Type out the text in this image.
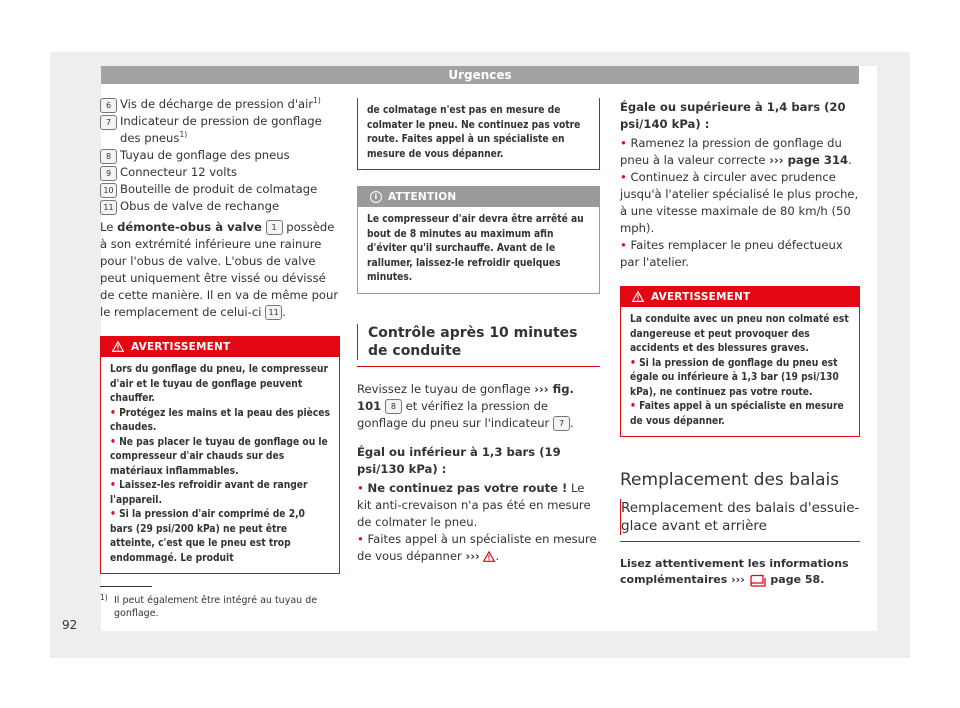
Urgences

6 Vis de décharge de pression d'air$^{1)}$

7 Indicateur de pression de gonflage des pneus$^{1)}$

8 Tuyau de gonflage des pneus

9 Connecteur 12 volts

10 Bouteille de produit de colmatage

11 Obus de valve de rechange

Le démonte-obus à valve 1 possède à son extrémité inférieure une rainure pour l'obus de valve. L'obus de valve peut uniquement être vissé ou dévissé de cette manière. Il en va de même pour le remplacement de celui-ci 11 .

AVERTISSEMENT

Lors du gonflage du pneu, le compresseur d'air et le tuyau de gonflage peuvent chauffer.

• Protégez les mains et la peau des pièces chaudes.

• Ne pas placer le tuyau de gonflage ou le compresseur d'air chauds sur des matériaux inflammables.

• Laissez-les refroidir avant de ranger l'appareil.

• Si la pression d'air comprimé de 2,0 bars (29 psi/200 kPa) ne peut être atteinte, c'est que le pneu est trop endommagé. Le produit

de colmatage n'est pas en mesure de colmater le pneu. Ne continuez pas votre route. Faites appel à un spécialiste en mesure de vous dépanner.
i	ATTENTION
Le compresseur d'air devra être arrêté au bout de 8 minutes au maximum afin d'éviter qu'il surchauffe. Avant de le rallumer, laissez-le refroidir quelques minutes.

Contrôle après 10 minutes de conduite

Revissez le tuyau de gonflage ››› fig. 101 8 et vérifiez la pression de gonflage du pneu sur l'indicateur 7 .

Égal ou inférieur à 1,3 bars (19 psi/130 kPa) :

• Ne continuez pas votre route ! Le kit anti-crevaison n'a pas été en mesure de colmater le pneu.

• Faites appel à un spécialiste en mesure de vous dépanner ››› .

Égale ou supérieure à 1,4 bars (20 psi/140 kPa) :

• Ramenez la pression de gonflage du pneu à la valeur correcte ››› page 314.

• Continuez à circuler avec prudence jusqu'à l'atelier spécialisé le plus proche, à une vitesse maximale de 80 km/h (50 mph).

• Faites remplacer le pneu défectueux par l'atelier.

AVERTISSEMENT

La conduite avec un pneu non colmaté est dangereuse et peut provoquer des accidents et des blessures graves.

• Si la pression de gonflage du pneu est égale ou inférieure à 1,3 bar (19 psi/130 kPa), ne continuez pas votre route.

• Faites appel à un spécialiste en mesure de vous dépanner.

Remplacement des balais

Remplacement des balais d'essuie-glace avant et arrière

Lisez attentivement les informations complémentaires ›››  page 58.

1) Il peut également être intégré au tuyau de gonflage.
92
